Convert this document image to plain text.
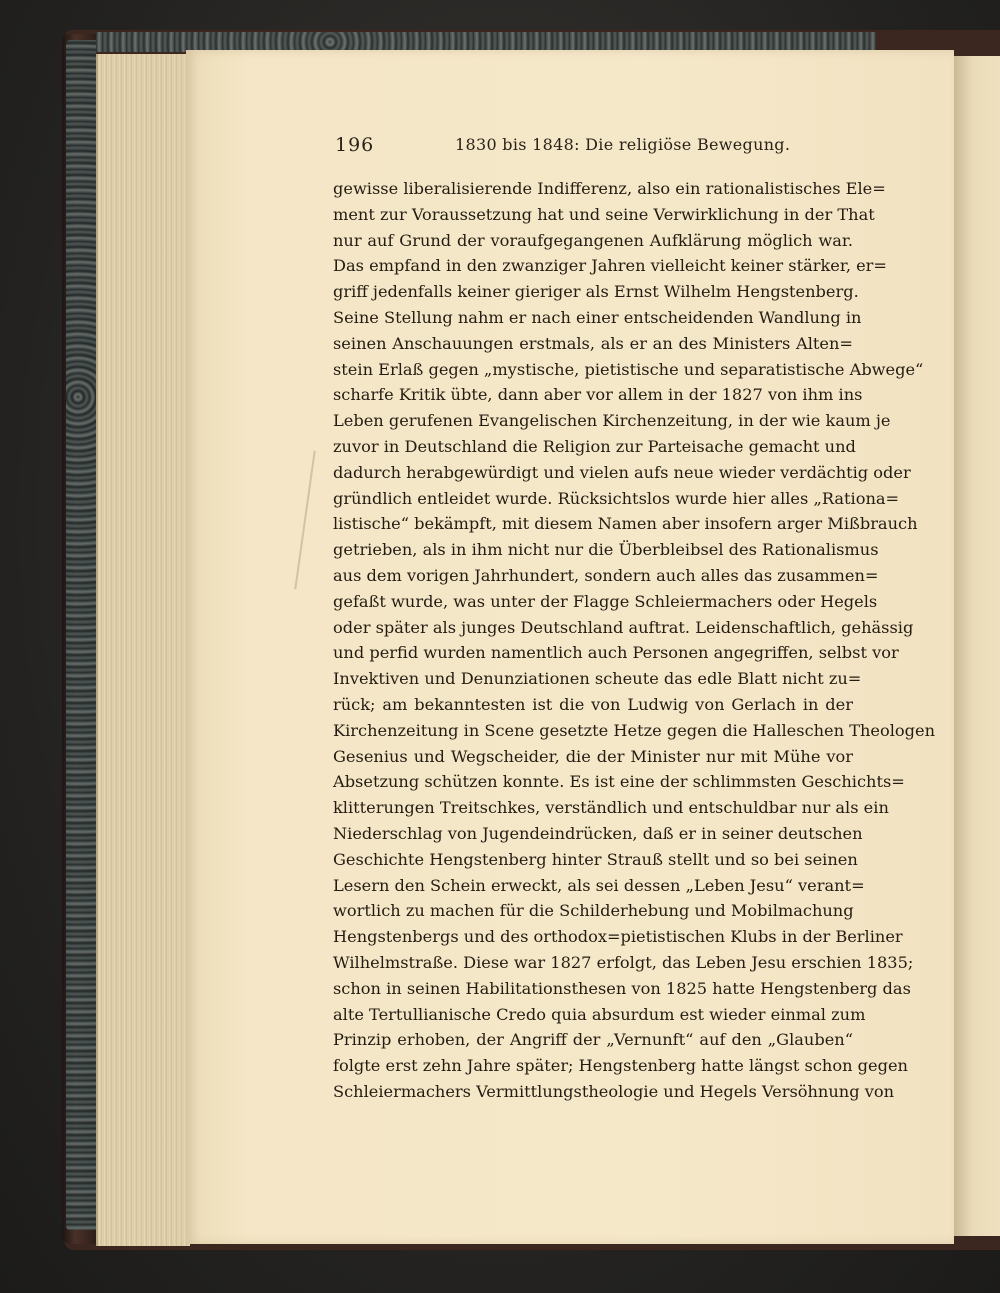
196	1830 bis 1848: Die religiöse Bewegung.
gewisse liberalisierende Indifferenz, also ein rationalistisches Ele=
ment zur Voraussetzung hat und seine Verwirklichung in der That
nur auf Grund der voraufgegangenen Aufklärung möglich war.
Das empfand in den zwanziger Jahren vielleicht keiner stärker, er=
griff jedenfalls keiner gieriger als Ernst Wilhelm Hengstenberg.
Seine Stellung nahm er nach einer entscheidenden Wandlung in
seinen Anschauungen erstmals, als er an des Ministers Alten=
stein Erlaß gegen „mystische, pietistische und separatistische Abwege“
scharfe Kritik übte, dann aber vor allem in der 1827 von ihm ins
Leben gerufenen Evangelischen Kirchenzeitung, in der wie kaum je
zuvor in Deutschland die Religion zur Parteisache gemacht und
dadurch herabgewürdigt und vielen aufs neue wieder verdächtig oder
gründlich entleidet wurde. Rücksichtslos wurde hier alles „Rationa=
listische“ bekämpft, mit diesem Namen aber insofern arger Mißbrauch
getrieben, als in ihm nicht nur die Überbleibsel des Rationalismus
aus dem vorigen Jahrhundert, sondern auch alles das zusammen=
gefaßt wurde, was unter der Flagge Schleiermachers oder Hegels
oder später als junges Deutschland auftrat. Leidenschaftlich, gehässig
und perfid wurden namentlich auch Personen angegriffen, selbst vor
Invektiven und Denunziationen scheute das edle Blatt nicht zu=
rück; am bekanntesten ist die von Ludwig von Gerlach in der
Kirchenzeitung in Scene gesetzte Hetze gegen die Halleschen Theologen
Gesenius und Wegscheider, die der Minister nur mit Mühe vor
Absetzung schützen konnte. Es ist eine der schlimmsten Geschichts=
klitterungen Treitschkes, verständlich und entschuldbar nur als ein
Niederschlag von Jugendeindrücken, daß er in seiner deutschen
Geschichte Hengstenberg hinter Strauß stellt und so bei seinen
Lesern den Schein erweckt, als sei dessen „Leben Jesu“ verant=
wortlich zu machen für die Schilderhebung und Mobilmachung
Hengstenbergs und des orthodox=pietistischen Klubs in der Berliner
Wilhelmstraße. Diese war 1827 erfolgt, das Leben Jesu erschien 1835;
schon in seinen Habilitationsthesen von 1825 hatte Hengstenberg das
alte Tertullianische Credo quia absurdum est wieder einmal zum
Prinzip erhoben, der Angriff der „Vernunft“ auf den „Glauben“
folgte erst zehn Jahre später; Hengstenberg hatte längst schon gegen
Schleiermachers Vermittlungstheologie und Hegels Versöhnung von
